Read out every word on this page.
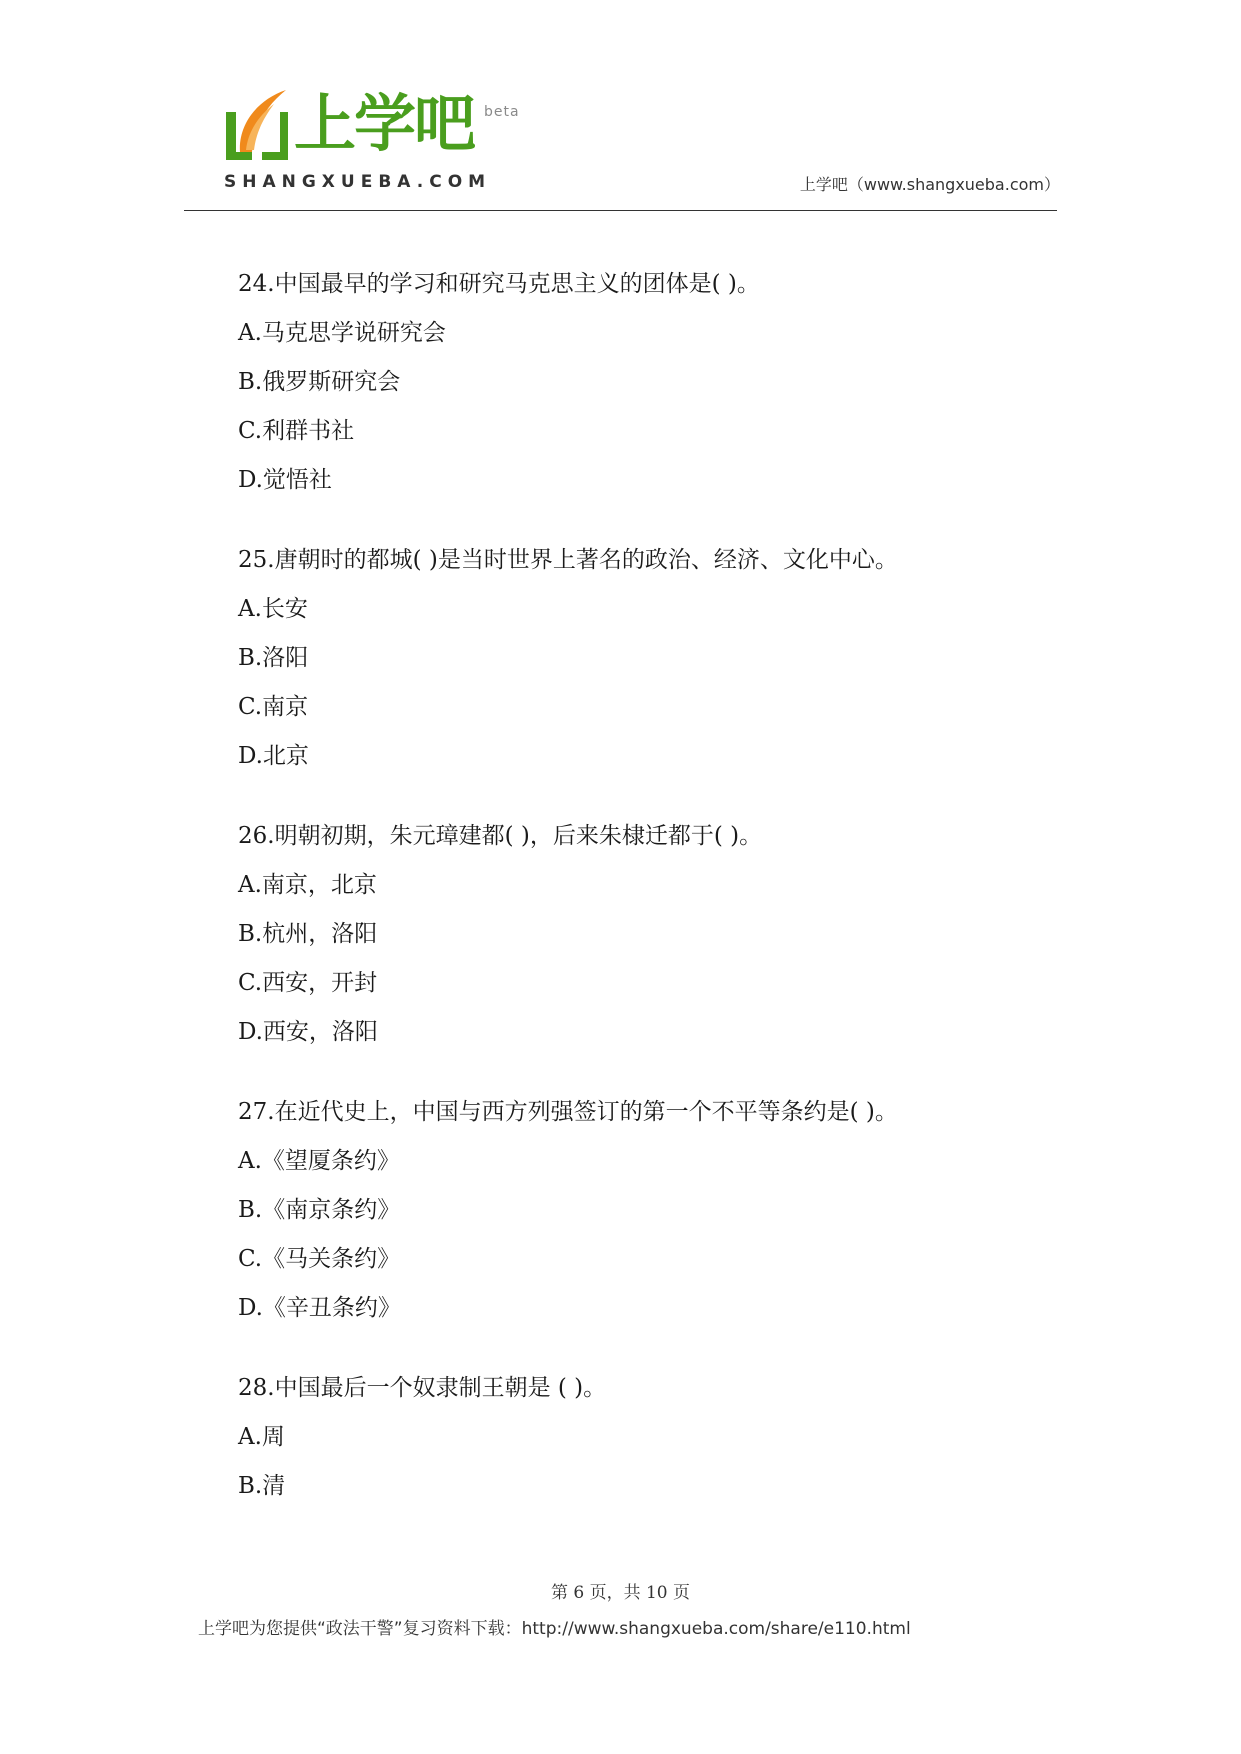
上学吧 beta
SHANGXUEBA.COM	上学吧（www.shangxueba.com）

24.中国最早的学习和研究马克思主义的团体是( )。

A.马克思学说研究会

B.俄罗斯研究会

C.利群书社

D.觉悟社

25.唐朝时的都城( )是当时世界上著名的政治、经济、文化中心。

A.长安

B.洛阳

C.南京

D.北京

26.明朝初期，朱元璋建都( )，后来朱棣迁都于( )。

A.南京，北京

B.杭州，洛阳

C.西安，开封

D.西安，洛阳

27.在近代史上，中国与西方列强签订的第一个不平等条约是( )。

A.《望厦条约》

B.《南京条约》

C.《马关条约》

D.《辛丑条约》

28.中国最后一个奴隶制王朝是 ( )。

A.周

B.清

第 6 页，共 10 页
上学吧为您提供“政法干警”复习资料下载：http://www.shangxueba.com/share/e110.html
